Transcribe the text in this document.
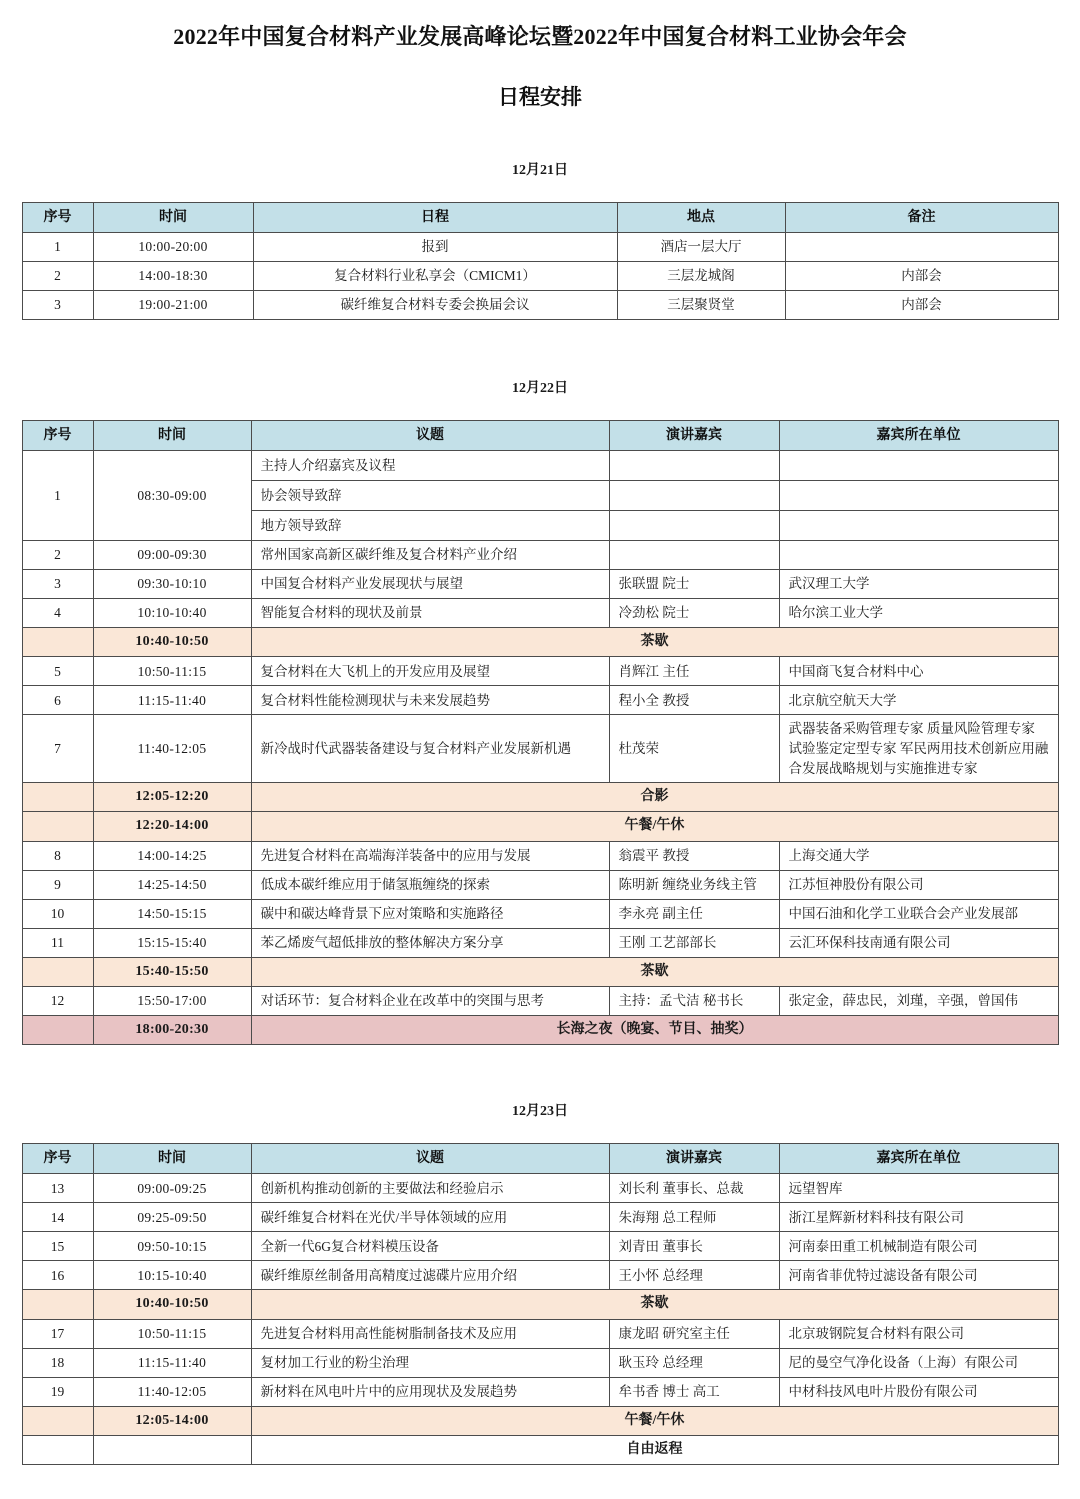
2022年中国复合材料产业发展高峰论坛暨2022年中国复合材料工业协会年会
日程安排
12月21日
序号	时间	日程	地点	备注
1	10:00-20:00	报到	酒店一层大厅	
2	14:00-18:30	复合材料行业私享会（CMICM1）	三层龙城阁	内部会
3	19:00-21:00	碳纤维复合材料专委会换届会议	三层聚贤堂	内部会
12月22日
序号	时间	议题	演讲嘉宾	嘉宾所在单位
1	08:30-09:00	主持人介绍嘉宾及议程		
		协会领导致辞		
		地方领导致辞		
2	09:00-09:30	常州国家高新区碳纤维及复合材料产业介绍		
3	09:30-10:10	中国复合材料产业发展现状与展望	张联盟 院士	武汉理工大学
4	10:10-10:40	智能复合材料的现状及前景	冷劲松 院士	哈尔滨工业大学
	10:40-10:50	茶歇		
5	10:50-11:15	复合材料在大飞机上的开发应用及展望	肖辉江 主任	中国商飞复合材料中心
6	11:15-11:40	复合材料性能检测现状与未来发展趋势	程小全 教授	北京航空航天大学
7	11:40-12:05	新冷战时代武器装备建设与复合材料产业发展新机遇	杜茂荣	武器装备采购管理专家 质量风险管理专家 试验鉴定定型专家 军民两用技术创新应用融合发展战略规划与实施推进专家
	12:05-12:20	合影		
	12:20-14:00	午餐/午休		
8	14:00-14:25	先进复合材料在高端海洋装备中的应用与发展	翁震平 教授	上海交通大学
9	14:25-14:50	低成本碳纤维应用于储氢瓶缠绕的探索	陈明新 缠绕业务线主管	江苏恒神股份有限公司
10	14:50-15:15	碳中和碳达峰背景下应对策略和实施路径	李永亮 副主任	中国石油和化学工业联合会产业发展部
11	15:15-15:40	苯乙烯废气超低排放的整体解决方案分享	王刚 工艺部部长	云汇环保科技南通有限公司
	15:40-15:50	茶歇		
12	15:50-17:00	对话环节：复合材料企业在改革中的突围与思考	主持：孟弋洁 秘书长	张定金，薛忠民，刘瑾，辛强，曾国伟
	18:00-20:30	长海之夜（晚宴、节目、抽奖）		
12月23日
序号	时间	议题	演讲嘉宾	嘉宾所在单位
13	09:00-09:25	创新机构推动创新的主要做法和经验启示	刘长利 董事长、总裁	远望智库
14	09:25-09:50	碳纤维复合材料在光伏/半导体领域的应用	朱海翔 总工程师	浙江星辉新材料科技有限公司
15	09:50-10:15	全新一代6G复合材料模压设备	刘青田 董事长	河南泰田重工机械制造有限公司
16	10:15-10:40	碳纤维原丝制备用高精度过滤碟片应用介绍	王小怀 总经理	河南省菲优特过滤设备有限公司
	10:40-10:50	茶歇		
17	10:50-11:15	先进复合材料用高性能树脂制备技术及应用	康龙昭 研究室主任	北京玻钢院复合材料有限公司
18	11:15-11:40	复材加工行业的粉尘治理	耿玉玲 总经理	尼的曼空气净化设备（上海）有限公司
19	11:40-12:05	新材料在风电叶片中的应用现状及发展趋势	牟书香 博士 高工	中材科技风电叶片股份有限公司
	12:05-14:00	午餐/午休		
		自由返程		
